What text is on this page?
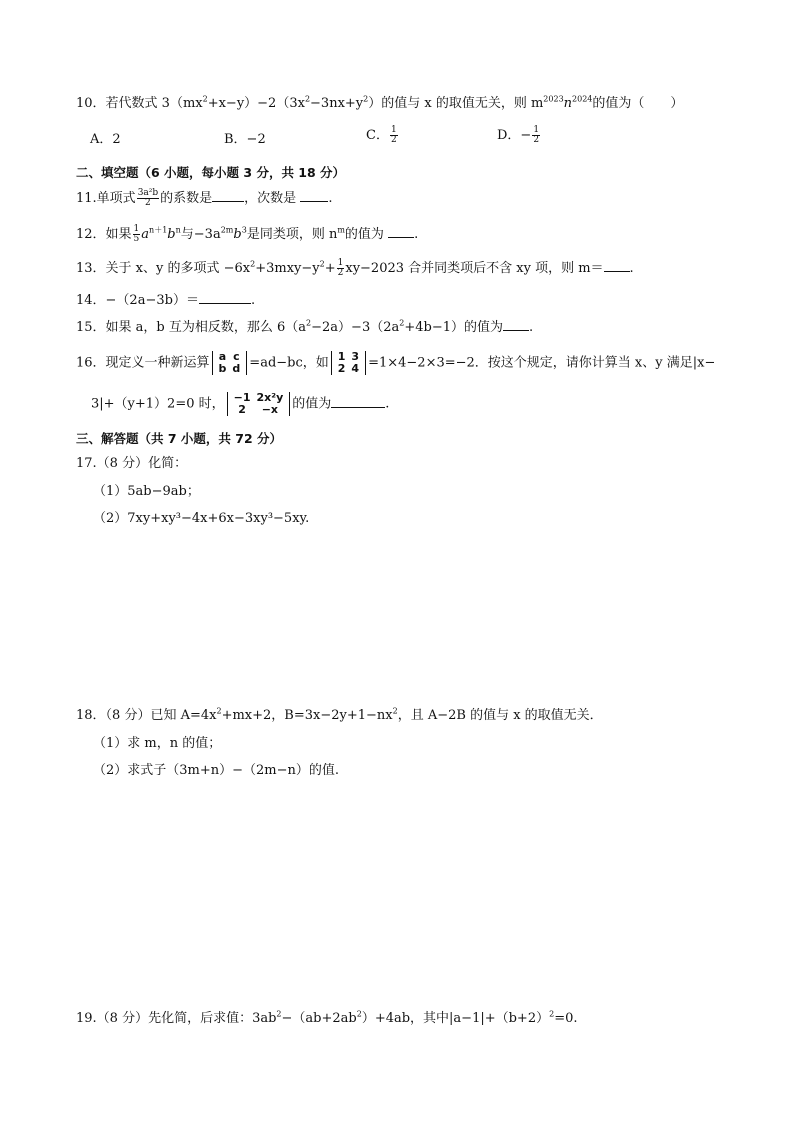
10．若代数式 $3(mx^2+x-y)-2(3x^2-3nx+y^2)$的值与 x 的取值无关，则 $m^{2023}n^{2024}$的值为（　　）
A．2	B．−2	C． $\frac{1}{2}$	D．− $\frac{1}{2}$
二、填空题（6 小题，每小题 3 分，共 18 分）
11.单项式 $\frac{\text{3a²b}}{2}$ 的系数是 ，次数是 .
12．如果 $\frac{1}{5} a^{n+1}b^n$与$-3a^{2m}b^3$是同类项，则 $n^m$的值为 .
13．关于 x、y 的多项式 $-6x^2+3mxy-y^2+ \frac{1}{2} xy-2023$ 合并同类项后不含 xy 项，则 m＝ .
14．−（2a−3b）＝	.
15．如果 a，b 互为相反数，那么 $6(a^2-2a)-3(2a^2+4b-1)$的值为 .
16．现定义一种新运算 a	c
b	d =ad−bc，如 1	3
2	4 =1×4−2×3=−2．按这个规定，请你计算当 x、y 满足|x−
3|+（y+1）2=0 时， −1	2x²y
2	−x 的值为	.
三、解答题（共 7 小题，共 72 分）
17.（8 分）化简：
（1）5ab−9ab；
（2）7xy+xy³−4x+6x−3xy³−5xy.
18．（8 分）已知 $A=4x^2+mx+2$，$B=3x-2y+1-nx^2$，且 A−2B 的值与 x 的取值无关．
（1）求 m，n 的值；
（2）求式子（3m+n）−（2m−n）的值.
19.（8 分）先化简，后求值：$3ab^2-(ab+2ab^2)+4ab$，其中$|a-1|+(b+2)^2=0$.
